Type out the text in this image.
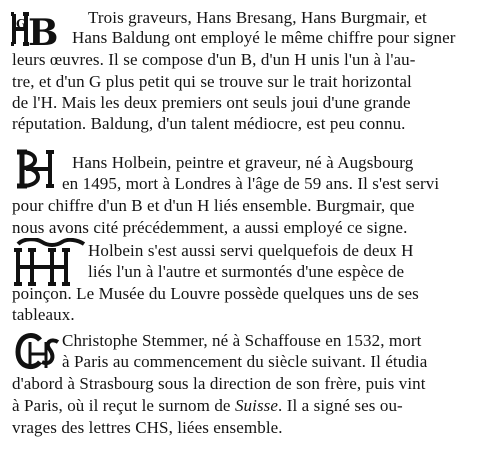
G B Trois graveurs, Hans Bresang, Hans Burgmair, et
Hans Baldung ont employé le même chiffre pour signer
leurs œuvres. Il se compose d'un B, d'un H unis l'un à l'au-
tre, et d'un G plus petit qui se trouve sur le trait horizontal
de l'H. Mais les deux premiers ont seuls joui d'une grande
réputation. Baldung, d'un talent médiocre, est peu connu.
Hans Holbein, peintre et graveur, né à Augsbourg
en 1495, mort à Londres à l'âge de 59 ans. Il s'est servi
pour chiffre d'un B et d'un H liés ensemble. Burgmair, que
nous avons cité précédemment, a aussi employé ce signe.
Holbein s'est aussi servi quelquefois de deux H
liés l'un à l'autre et surmontés d'une espèce de
poinçon. Le Musée du Louvre possède quelques uns de ses
tableaux.
Christophe Stemmer, né à Schaffouse en 1532, mort
à Paris au commencement du siècle suivant. Il étudia
d'abord à Strasbourg sous la direction de son frère, puis vint
à Paris, où il reçut le surnom de Suisse. Il a signé ses ou-
vrages des lettres CHS, liées ensemble.
